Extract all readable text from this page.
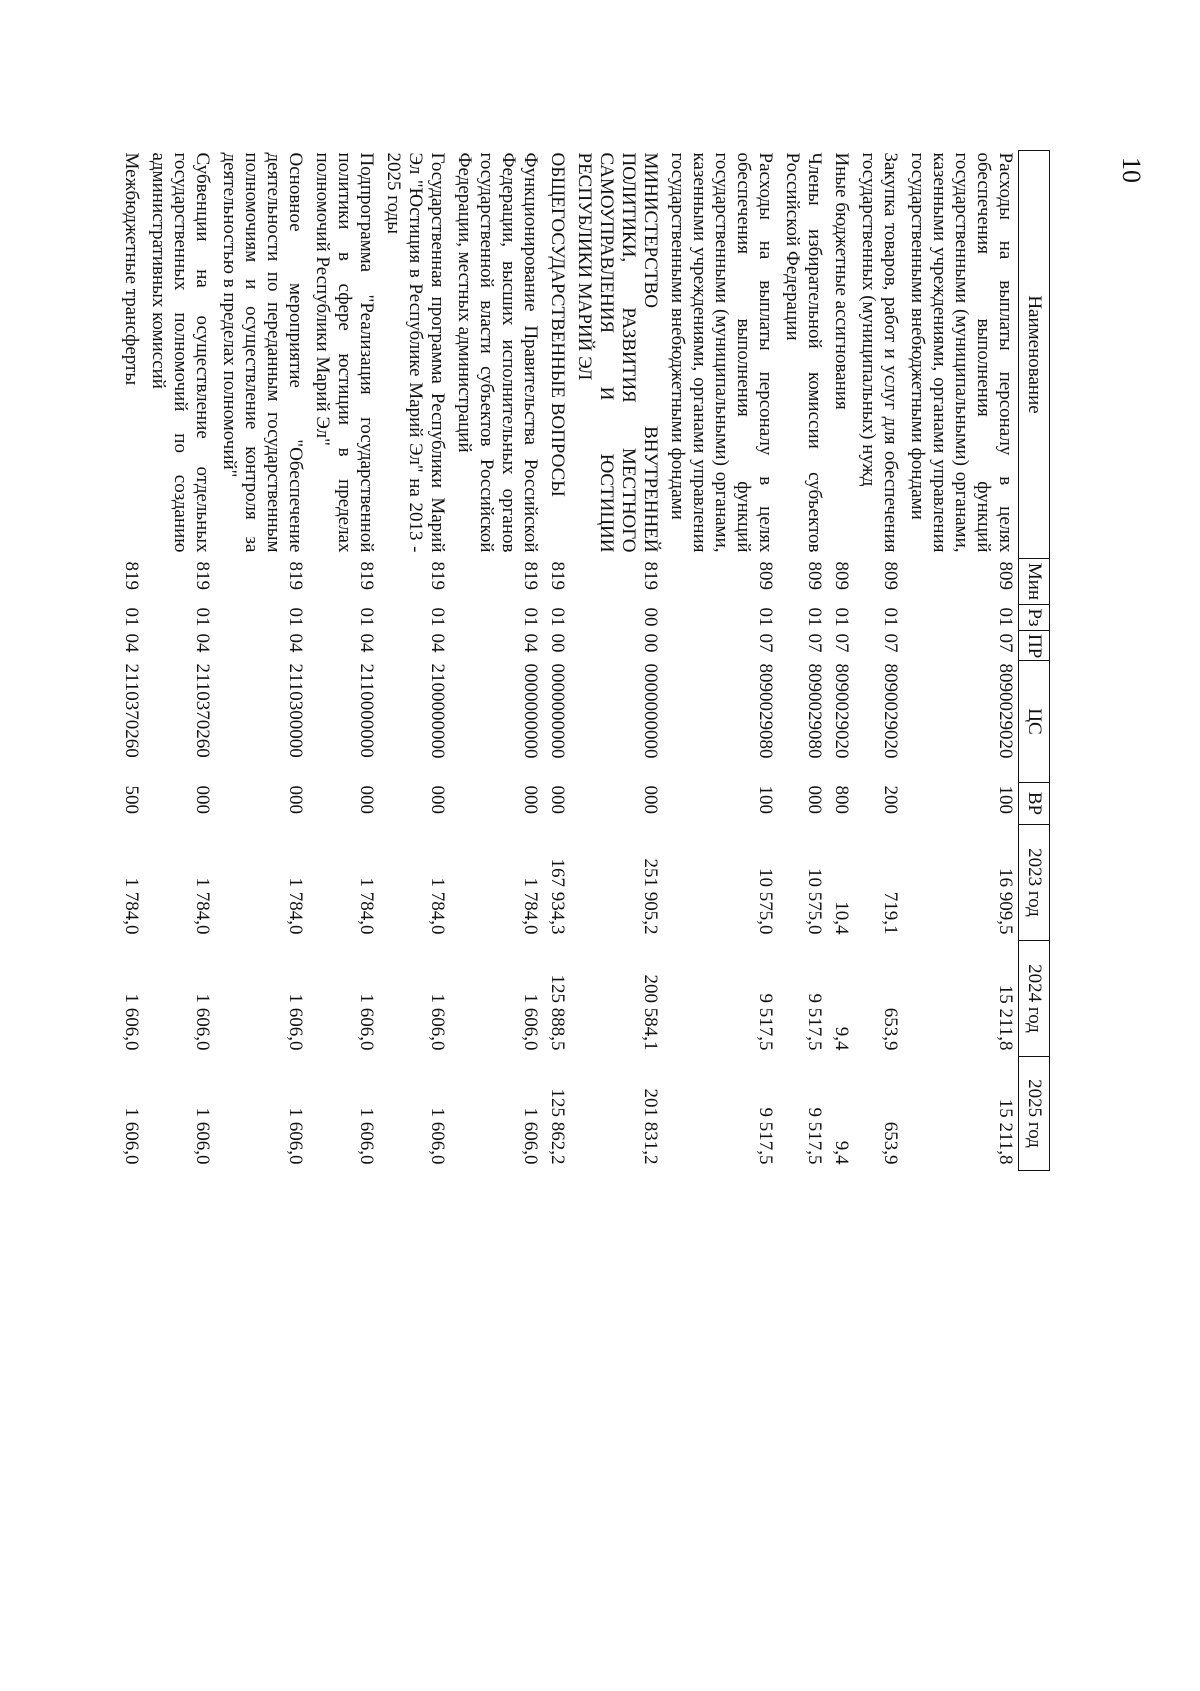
10
Наименование	Мин	Рз	ПР	ЦС	ВР	2023 год	2024 год	2025 год
Расходы на выплаты персоналу в целях обеспечения выполнения функций государственными (муниципальными) органами, казенными учреждениями, органами управления государственными внебюджетными фондами	809	01	07	8090029020	100	16 909,5	15 211,8	15 211,8
Закупка товаров, работ и услуг для обеспечения государственных (муниципальных) нужд	809	01	07	8090029020	200	719,1	653,9	653,9
Иные бюджетные ассигнования	809	01	07	8090029020	800	10,4	9,4	9,4
Члены избирательной комиссии субъектов Российской Федерации	809	01	07	8090029080	000	10 575,0	9 517,5	9 517,5
Расходы на выплаты персоналу в целях обеспечения выполнения функций государственными (муниципальными) органами, казенными учреждениями, органами управления государственными внебюджетными фондами	809	01	07	8090029080	100	10 575,0	9 517,5	9 517,5
МИНИСТЕРСТВО ВНУТРЕННЕЙ ПОЛИТИКИ, РАЗВИТИЯ МЕСТНОГО САМОУПРАВЛЕНИЯ И ЮСТИЦИИ РЕСПУБЛИКИ МАРИЙ ЭЛ	819	00	00	0000000000	000	251 905,2	200 584,1	201 831,2
ОБЩЕГОСУДАРСТВЕННЫЕ ВОПРОСЫ	819	01	00	0000000000	000	167 934,3	125 888,5	125 862,2
Функционирование Правительства Российской Федерации, высших исполнительных органов государственной власти субъектов Российской Федерации, местных администраций	819	01	04	0000000000	000	1 784,0	1 606,0	1 606,0
Государственная программа Республики Марий Эл "Юстиция в Республике Марий Эл" на 2013 - 2025 годы	819	01	04	2100000000	000	1 784,0	1 606,0	1 606,0
Подпрограмма "Реализация государственной политики в сфере юстиции в пределах полномочий Республики Марий Эл"	819	01	04	2110000000	000	1 784,0	1 606,0	1 606,0
Основное мероприятие "Обеспечение деятельности по переданным государственным полномочиям и осуществление контроля за деятельностью в пределах полномочий"	819	01	04	2110300000	000	1 784,0	1 606,0	1 606,0
Субвенции на осуществление отдельных государственных полномочий по созданию административных комиссий	819	01	04	2110370260	000	1 784,0	1 606,0	1 606,0
Межбюджетные трансферты	819	01	04	2110370260	500	1 784,0	1 606,0	1 606,0
